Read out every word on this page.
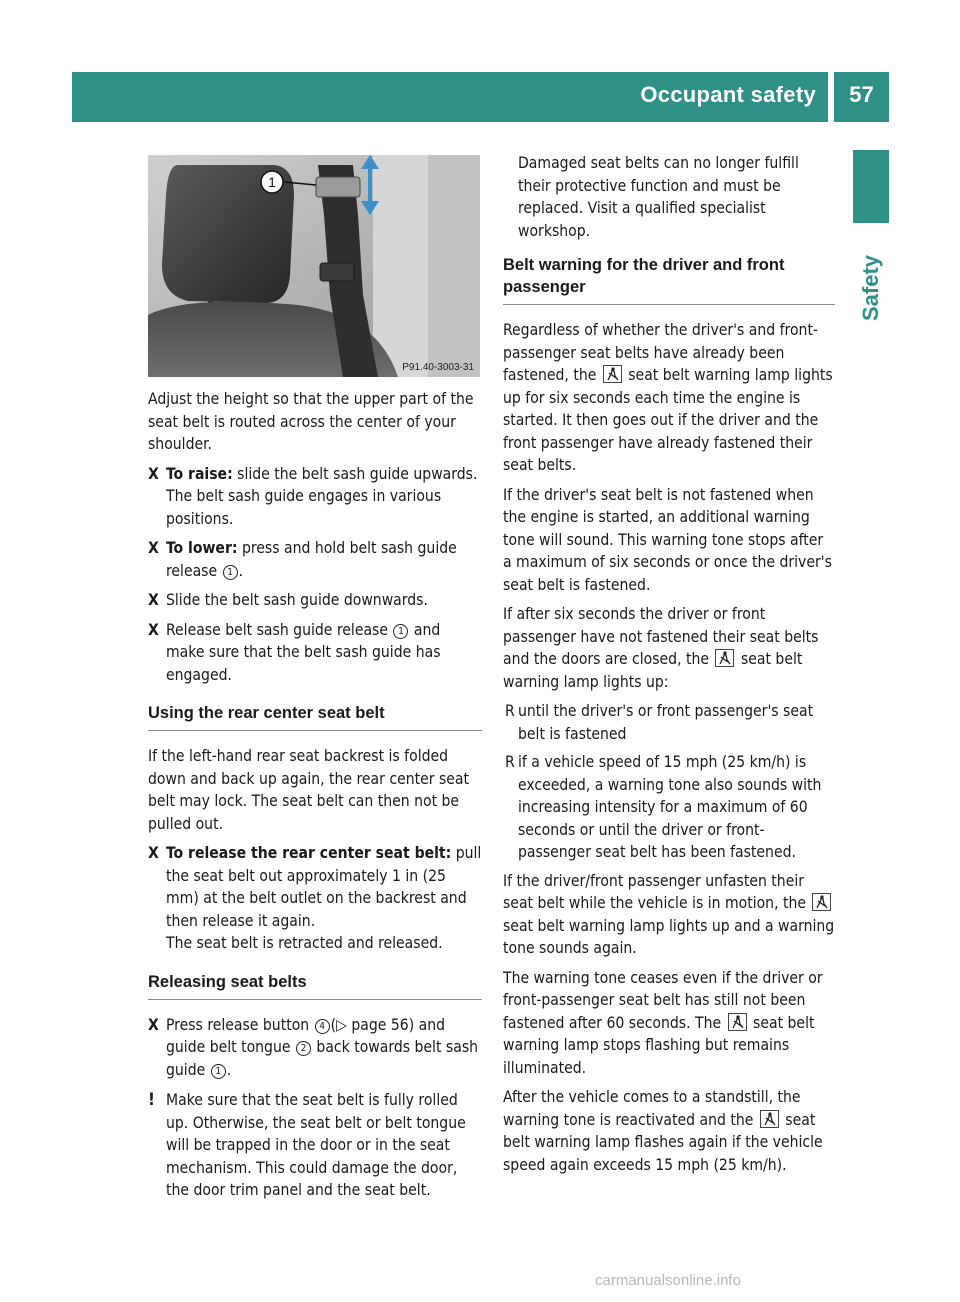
Occupant safety	57
Safety
1
P91.40-3003-31

Adjust the height so that the upper part of the seat belt is routed across the center of your shoulder.

X To raise: slide the belt sash guide upwards. The belt sash guide engages in various positions.
X To lower: press and hold belt sash guide release 1 .
X Slide the belt sash guide downwards.
X Release belt sash guide release 1 and make sure that the belt sash guide has engaged.
Using the rear center seat belt

If the left-hand rear seat backrest is folded down and back up again, the rear center seat belt may lock. The seat belt can then not be pulled out.

X To release the rear center seat belt: pull the seat belt out approximately 1 in (25 mm) at the belt outlet on the backrest and then release it again.
The seat belt is retracted and released.
Releasing seat belts
X Press release button 4 (▷ page 56) and guide belt tongue 2 back towards belt sash guide 1 .
! Make sure that the seat belt is fully rolled up. Otherwise, the seat belt or belt tongue will be trapped in the door or in the seat mechanism. This could damage the door, the door trim panel and the seat belt.
Damaged seat belts can no longer fulfill their protective function and must be replaced. Visit a qualified specialist workshop.
Belt warning for the driver and front passenger

Regardless of whether the driver's and front-passenger seat belts have already been fastened, the
seat belt warning lamp lights up for six seconds each time the engine is started. It then goes out if the driver and the front passenger have already fastened their seat belts.

If the driver's seat belt is not fastened when the engine is started, an additional warning tone will sound. This warning tone stops after a maximum of six seconds or once the driver's seat belt is fastened.

If after six seconds the driver or front passenger have not fastened their seat belts and the doors are closed, the
seat belt warning lamp lights up:

R until the driver's or front passenger's seat belt is fastened
R if a vehicle speed of 15 mph (25 km/h) is exceeded, a warning tone also sounds with increasing intensity for a maximum of 60 seconds or until the driver or front-passenger seat belt has been fastened.

If the driver/front passenger unfasten their seat belt while the vehicle is in motion, the
seat belt warning lamp lights up and a warning tone sounds again.

The warning tone ceases even if the driver or front-passenger seat belt has still not been fastened after 60 seconds. The
seat belt warning lamp stops flashing but remains illuminated.

After the vehicle comes to a standstill, the warning tone is reactivated and the
seat belt warning lamp flashes again if the vehicle speed again exceeds 15 mph (25 km/h).

carmanualsonline.info
